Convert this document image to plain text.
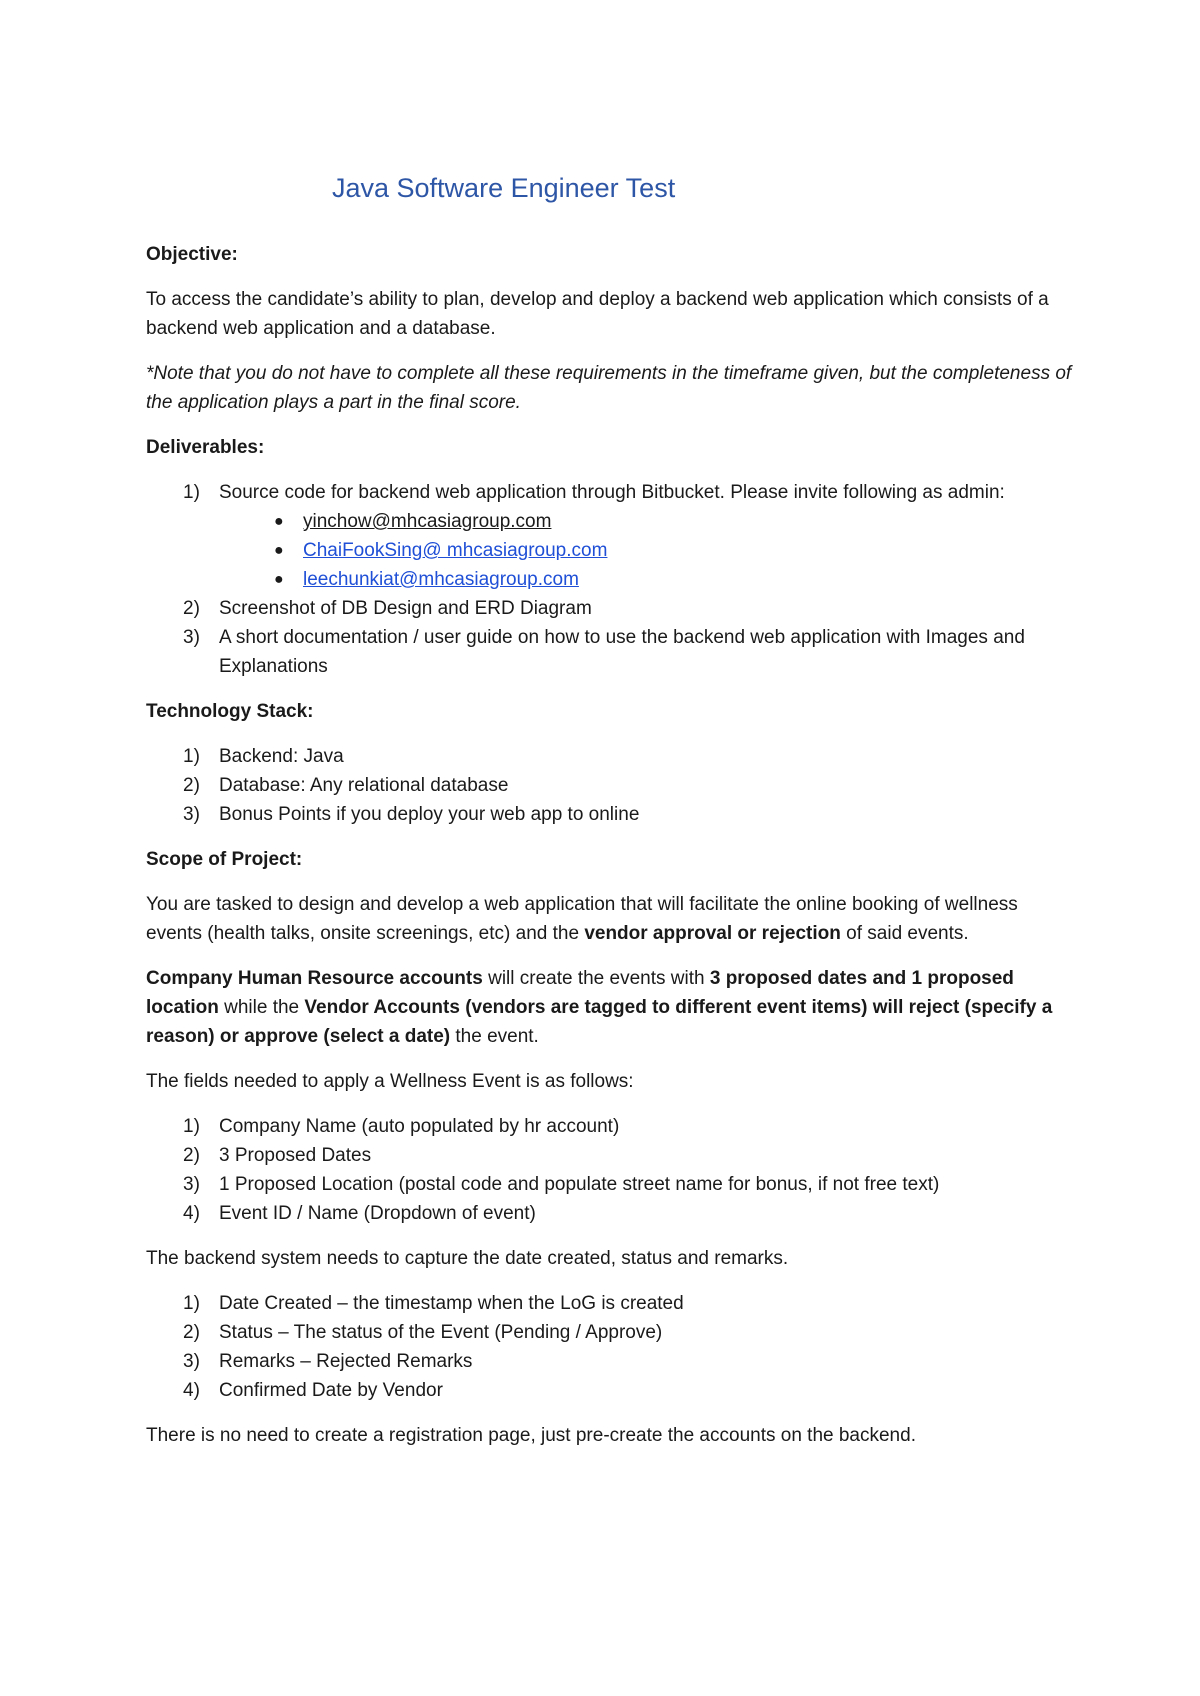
Java Software Engineer Test
Objective:
To access the candidate’s ability to plan, develop and deploy a backend web application which consists of a backend web application and a database.
*Note that you do not have to complete all these requirements in the timeframe given, but the completeness of the application plays a part in the final score.
Deliverables:
1) Source code for backend web application through Bitbucket. Please invite following as admin:
● yinchow@mhcasiagroup.com
● ChaiFookSing@ mhcasiagroup.com
● leechunkiat@mhcasiagroup.com
2) Screenshot of DB Design and ERD Diagram
3) A short documentation / user guide on how to use the backend web application with Images and Explanations
Technology Stack:
1) Backend: Java
2) Database: Any relational database
3) Bonus Points if you deploy your web app to online
Scope of Project:
You are tasked to design and develop a web application that will facilitate the online booking of wellness events (health talks, onsite screenings, etc) and the vendor approval or rejection of said events.
Company Human Resource accounts will create the events with 3 proposed dates and 1 proposed location while the Vendor Accounts (vendors are tagged to different event items) will reject (specify a reason) or approve (select a date) the event.
The fields needed to apply a Wellness Event is as follows:
1) Company Name (auto populated by hr account)
2) 3 Proposed Dates
3) 1 Proposed Location (postal code and populate street name for bonus, if not free text)
4) Event ID / Name (Dropdown of event)
The backend system needs to capture the date created, status and remarks.
1) Date Created – the timestamp when the LoG is created
2) Status – The status of the Event (Pending / Approve)
3) Remarks – Rejected Remarks
4) Confirmed Date by Vendor
There is no need to create a registration page, just pre-create the accounts on the backend.
